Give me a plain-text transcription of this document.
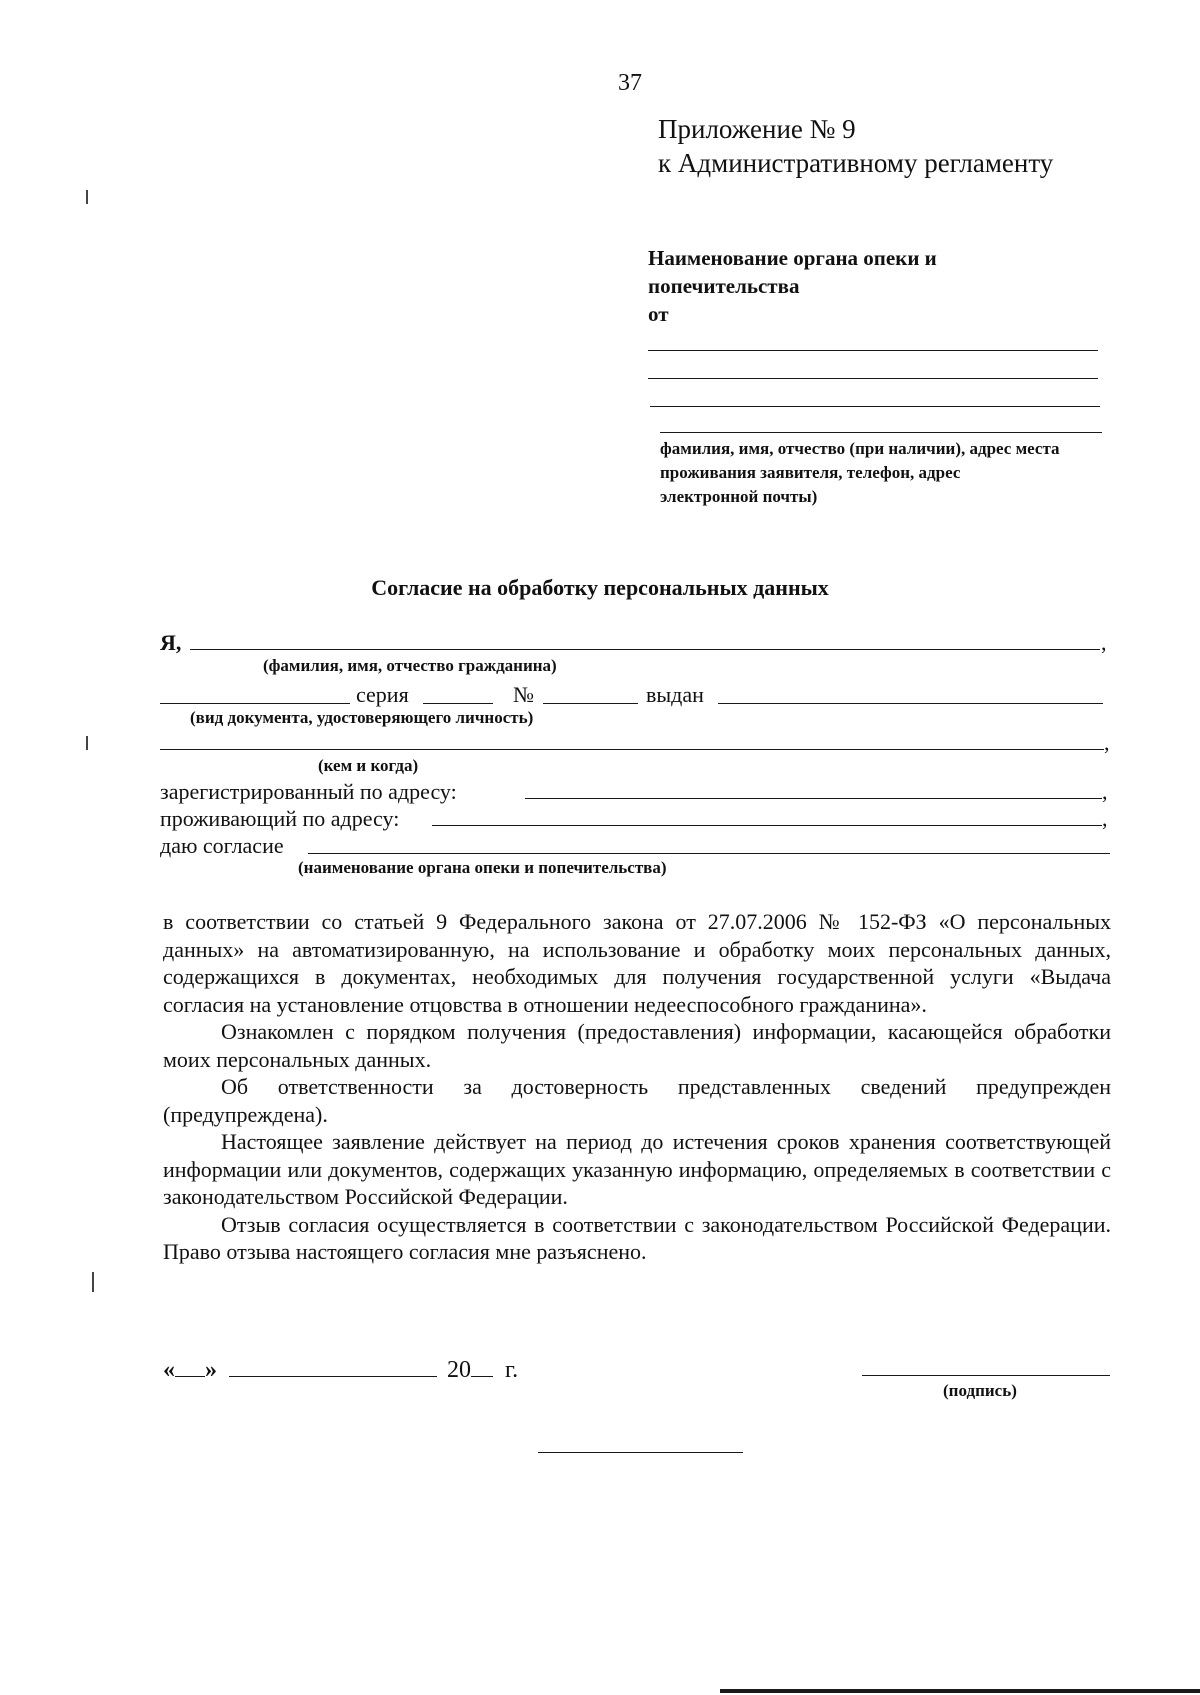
37
Приложение № 9
к Административному регламенту
Наименование органа опеки и
попечительства
от
фамилия, имя, отчество (при наличии), адрес места
проживания заявителя, телефон, адрес
электронной почты)
Согласие на обработку персональных данных
Я,	,
(фамилия, имя, отчество гражданина)
серия	№	выдан
(вид документа, удостоверяющего личность)
,
(кем и когда)
зарегистрированный по адресу:	,
проживающий по адресу:	,
даю согласие
(наименование органа опеки и попечительства)

в соответствии со статьей 9 Федерального закона от 27.07.2006 № 152-ФЗ «О персональных данных» на автоматизированную, на использование и обработку моих персональных данных, содержащихся в документах, необходимых для получения государственной услуги «Выдача согласия на установление отцовства в отношении недееспособного гражданина».

Ознакомлен с порядком получения (предоставления) информации, касающейся обработки моих персональных данных.

Об ответственности за достоверность представленных сведений предупрежден (предупреждена).

Настоящее заявление действует на период до истечения сроков хранения соответствующей информации или документов, содержащих указанную информацию, определяемых в соответствии с законодательством Российской Федерации.

Отзыв согласия осуществляется в соответствии с законодательством Российской Федерации. Право отзыва настоящего согласия мне разъяснено.

« »	20 г.
(подпись)
